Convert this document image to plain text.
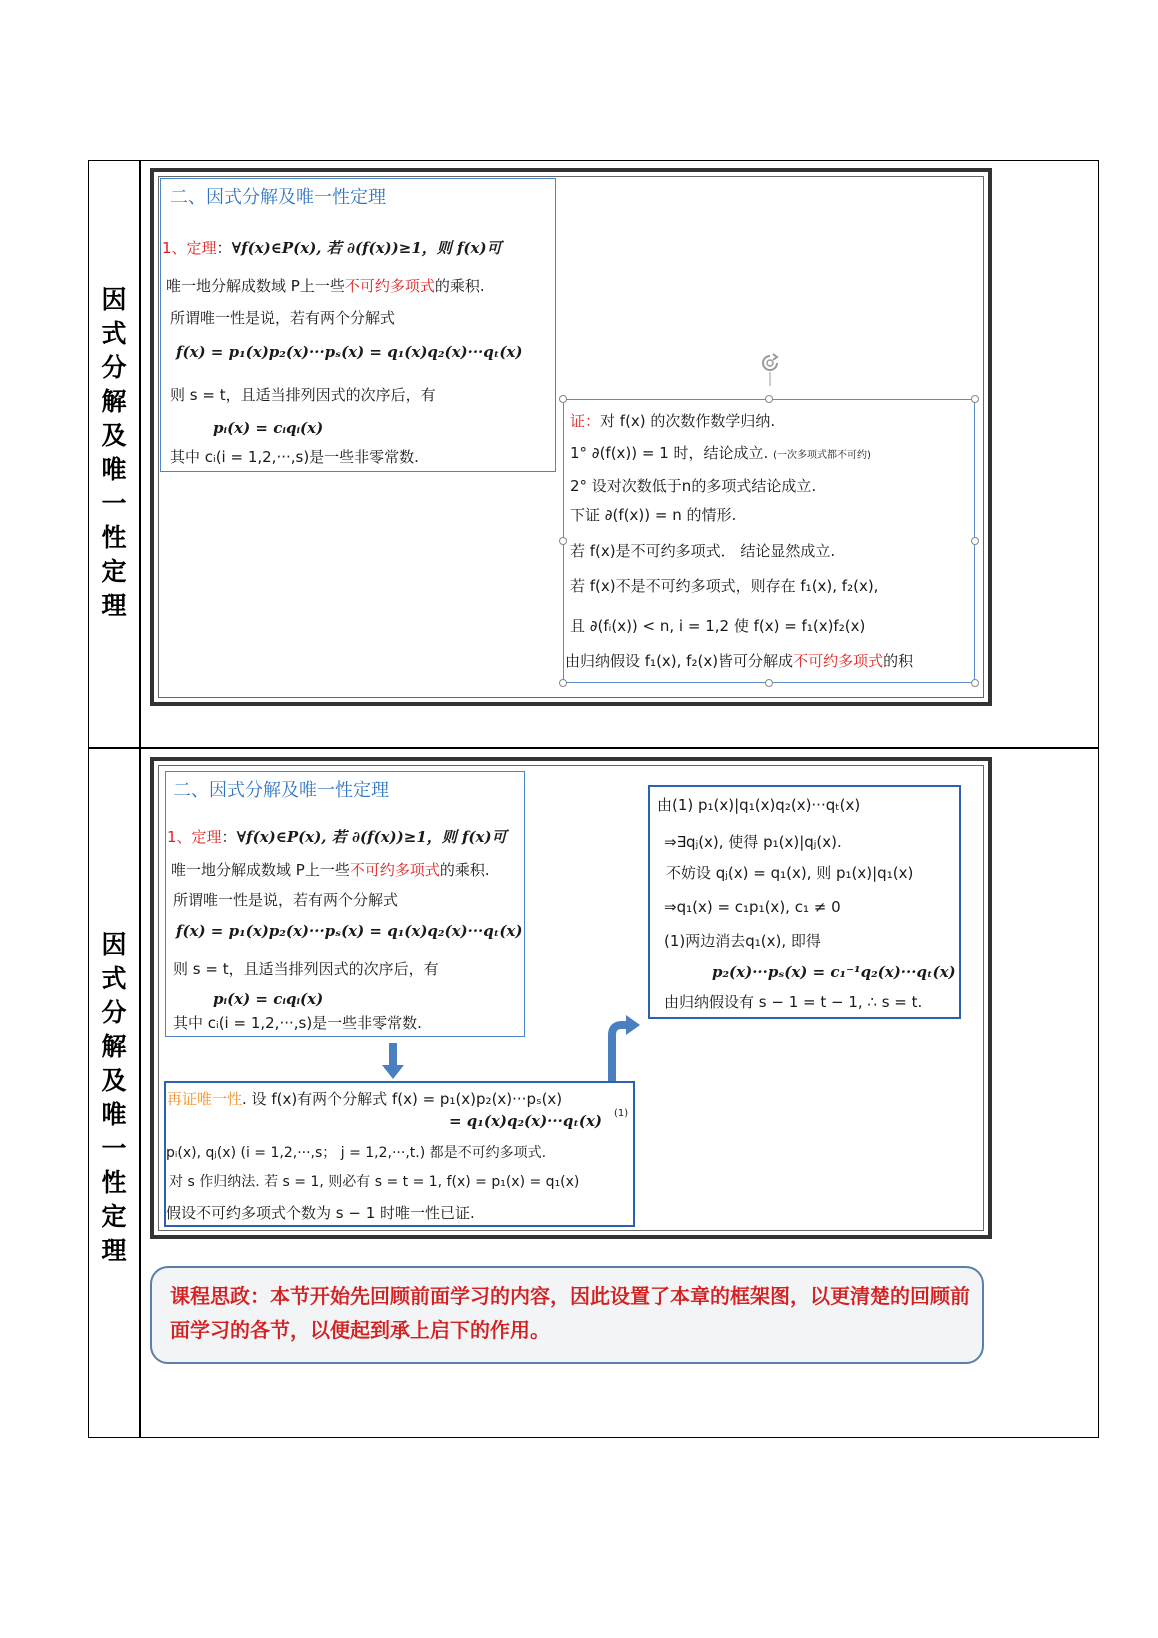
因
式
分
解
及
唯
一
性
定
理
因
式
分
解
及
唯
一
性
定
理
二、因式分解及唯一性定理
1、定理：∀f(x)∈P(x), 若 ∂(f(x))≥1，则 f(x)可
唯一地分解成数域 P上一些不可约多项式的乘积.
所谓唯一性是说，若有两个分解式
f(x) = p₁(x)p₂(x)···pₛ(x) = q₁(x)q₂(x)···qₜ(x)
则 s = t，且适当排列因式的次序后，有
pᵢ(x) = cᵢqᵢ(x)
其中 cᵢ(i = 1,2,···,s)是一些非零常数.
证：对 f(x) 的次数作数学归纳.
1° ∂(f(x)) = 1 时，结论成立. (一次多项式都不可约)
2° 设对次数低于n的多项式结论成立.
下证 ∂(f(x)) = n 的情形.
若 f(x)是不可约多项式． 结论显然成立.
若 f(x)不是不可约多项式，则存在 f₁(x), f₂(x),
且 ∂(fᵢ(x)) < n, i = 1,2 使 f(x) = f₁(x)f₂(x)
由归纳假设 f₁(x), f₂(x)皆可分解成不可约多项式的积
二、因式分解及唯一性定理
1、定理：∀f(x)∈P(x), 若 ∂(f(x))≥1，则 f(x)可
唯一地分解成数域 P上一些不可约多项式的乘积.
所谓唯一性是说，若有两个分解式
f(x) = p₁(x)p₂(x)···pₛ(x) = q₁(x)q₂(x)···qₜ(x)
则 s = t，且适当排列因式的次序后，有
pᵢ(x) = cᵢqᵢ(x)
其中 cᵢ(i = 1,2,···,s)是一些非零常数.
由(1) p₁(x)|q₁(x)q₂(x)···qₜ(x)
⇒∃qⱼ(x), 使得 p₁(x)|qⱼ(x).
不妨设 qⱼ(x) = q₁(x), 则 p₁(x)|q₁(x)
⇒q₁(x) = c₁p₁(x), c₁ ≠ 0
(1)两边消去q₁(x), 即得
p₂(x)···pₛ(x) = c₁⁻¹q₂(x)···qₜ(x)
由归纳假设有 s − 1 = t − 1, ∴ s = t.
再证唯一性. 设 f(x)有两个分解式 f(x) = p₁(x)p₂(x)···pₛ(x)
= q₁(x)q₂(x)···qₜ(x) (1)
pᵢ(x), qⱼ(x) (i = 1,2,···,s； j = 1,2,···,t.) 都是不可约多项式.
对 s 作归纳法. 若 s = 1, 则必有 s = t = 1, f(x) = p₁(x) = q₁(x)
假设不可约多项式个数为 s − 1 时唯一性已证.
课程思政：本节开始先回顾前面学习的内容，因此设置了本章的框架图，以更清楚的回顾前面学习的各节，以便起到承上启下的作用。
